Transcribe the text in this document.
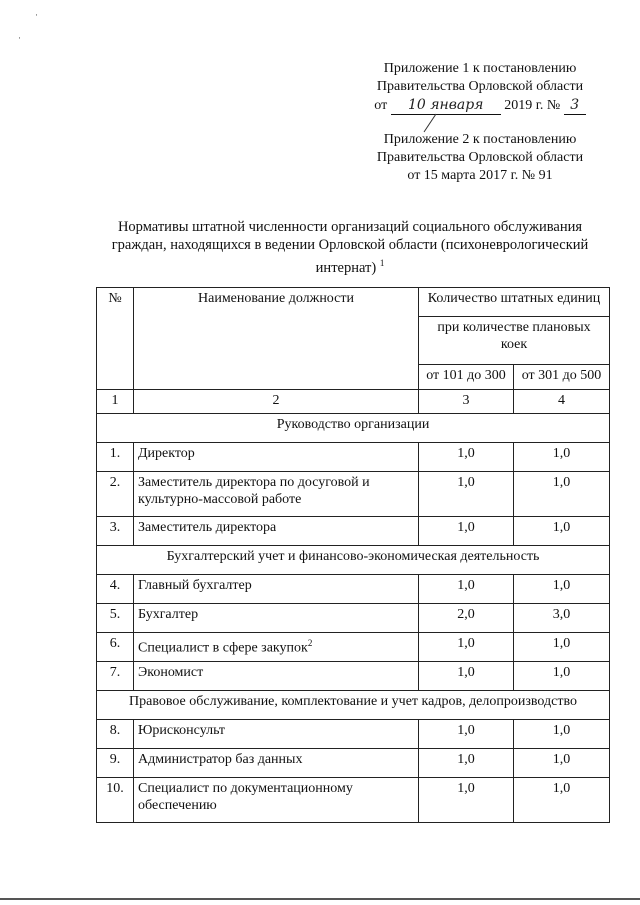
·
·
Приложение 1 к постановлению
Правительства Орловской области
от 10 января 2019 г. № 3
Приложение 2 к постановлению
Правительства Орловской области
от 15 марта 2017 г. № 91
Нормативы штатной численности организаций социального обслуживания граждан, находящихся в ведении Орловской области (психоневрологический интернат) $^1$
№	Наименование должности	Количество штатных единиц	
		при количестве плановых коек	
		от 101 до 300	от 301 до 500
1	2	3	4
Руководство организации			
1.	Директор	1,0	1,0
2.	Заместитель директора по досуговой и культурно-массовой работе	1,0	1,0
3.	Заместитель директора	1,0	1,0
Бухгалтерский учет и финансово-экономическая деятельность			
4.	Главный бухгалтер	1,0	1,0
5.	Бухгалтер	2,0	3,0
6.	Специалист в сфере закупок$^2$	1,0	1,0
7.	Экономист	1,0	1,0
Правовое обслуживание, комплектование и учет кадров, делопроизводство			
8.	Юрисконсульт	1,0	1,0
9.	Администратор баз данных	1,0	1,0
10.	Специалист по документационному обеспечению	1,0	1,0
